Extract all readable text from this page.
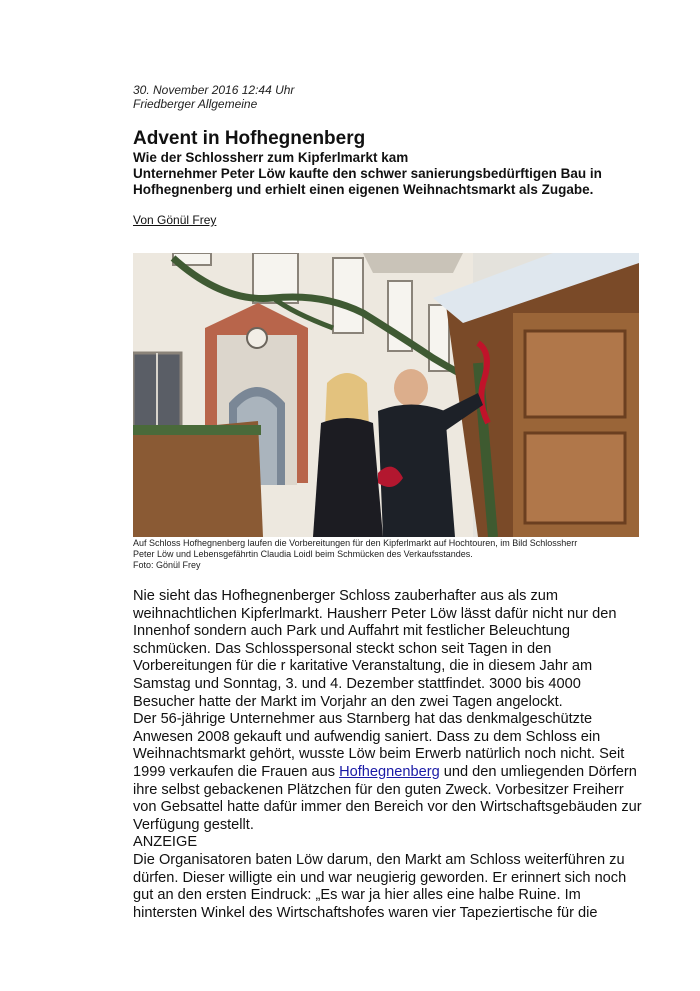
30. November 2016 12:44 Uhr
Friedberger Allgemeine
Advent in Hofhegnenberg
Wie der Schlossherr zum Kipferlmarkt kam

Unternehmer Peter Löw kaufte den schwer sanierungsbedürftigen Bau in Hofhegnenberg und erhielt einen eigenen Weihnachtsmarkt als Zugabe.

Von Gönül Frey
Auf Schloss Hofhegnenberg laufen die Vorbereitungen für den Kipferlmarkt auf Hochtouren, im Bild Schlossherr
Peter Löw und Lebensgefährtin Claudia Loidl beim Schmücken des Verkaufsstandes.
Foto: Gönül Frey

Nie sieht das Hofhegnenberger Schloss zauberhafter aus als zum weihnachtlichen Kipferlmarkt. Hausherr Peter Löw lässt dafür nicht nur den Innenhof sondern auch Park und Auffahrt mit festlicher Beleuchtung schmücken. Das Schlosspersonal steckt schon seit Tagen in den Vorbereitungen für die r karitative Veranstaltung, die in diesem Jahr am Samstag und Sonntag, 3. und 4. Dezember stattfindet. 3000 bis 4000 Besucher hatte der Markt im Vorjahr an den zwei Tagen angelockt.

Der 56-jährige Unternehmer aus Starnberg hat das denkmalgeschützte Anwesen 2008 gekauft und aufwendig saniert. Dass zu dem Schloss ein Weihnachtsmarkt gehört, wusste Löw beim Erwerb natürlich noch nicht. Seit 1999 verkaufen die Frauen aus Hofhegnenberg und den umliegenden Dörfern ihre selbst gebackenen Plätzchen für den guten Zweck. Vorbesitzer Freiherr von Gebsattel hatte dafür immer den Bereich vor den Wirtschaftsgebäuden zur Verfügung gestellt.

ANZEIGE

Die Organisatoren baten Löw darum, den Markt am Schloss weiterführen zu dürfen. Dieser willigte ein und war neugierig geworden. Er erinnert sich noch gut an den ersten Eindruck: „Es war ja hier alles eine halbe Ruine. Im hintersten Winkel des Wirtschaftshofes waren vier Tapeziertische für die
